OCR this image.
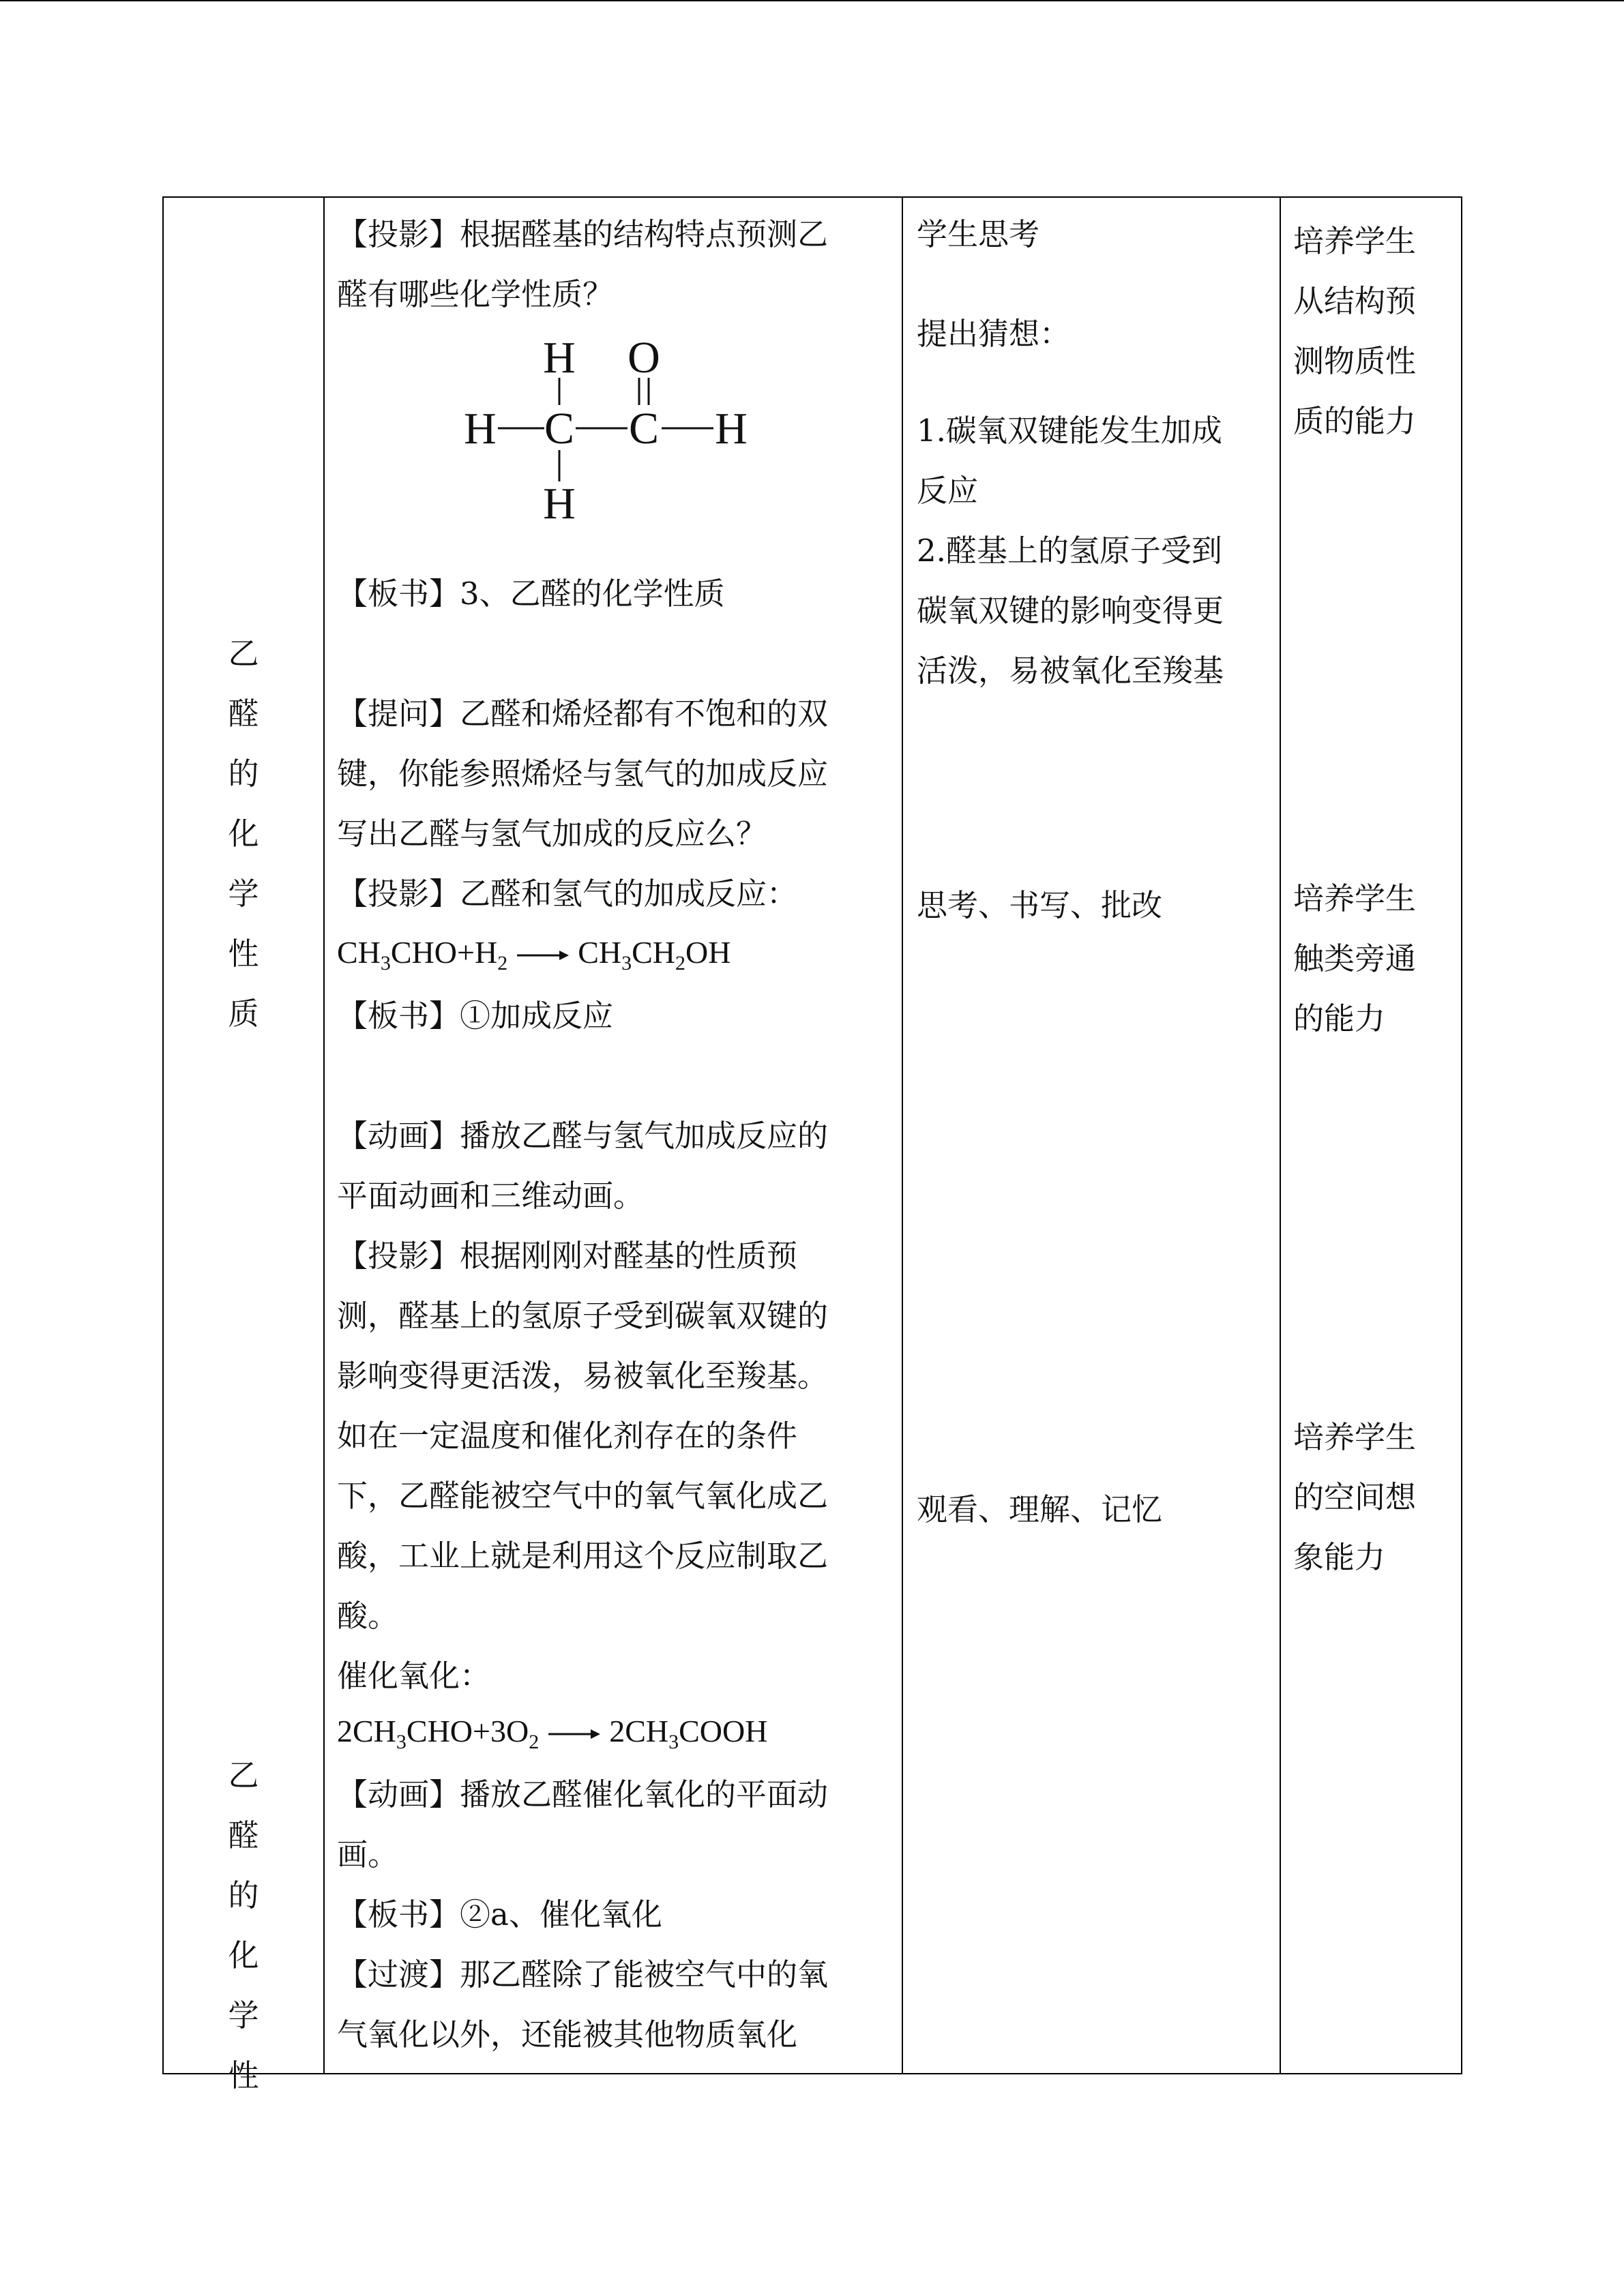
乙
醛
的
化
学
性
质
乙
醛
的
化
学
性
【投影】根据醛基的结构特点预测乙
醛有哪些化学性质？
H O
H C C H
H
【板书】3、乙醛的化学性质
【提问】乙醛和烯烃都有不饱和的双
键，你能参照烯烃与氢气的加成反应
写出乙醛与氢气加成的反应么？
【投影】乙醛和氢气的加成反应：
$CH_3CHO+H_2 \to CH_3CH_2OH$
【板书】①加成反应
【动画】播放乙醛与氢气加成反应的
平面动画和三维动画。
【投影】根据刚刚对醛基的性质预
测，醛基上的氢原子受到碳氧双键的
影响变得更活泼，易被氧化至羧基。
如在一定温度和催化剂存在的条件
下，乙醛能被空气中的氧气氧化成乙
酸，工业上就是利用这个反应制取乙
酸。
催化氧化：
$2CH_3CHO+3O_2$ → $2CH_3COOH$
【动画】播放乙醛催化氧化的平面动
画。
【板书】②a、催化氧化
【过渡】那乙醛除了能被空气中的氧
气氧化以外，还能被其他物质氧化
学生思考
提出猜想：
1.碳氧双键能发生加成
反应
2.醛基上的氢原子受到
碳氧双键的影响变得更
活泼，易被氧化至羧基
思考、书写、批改
观看、理解、记忆
培养学生
从结构预
测物质性
质的能力
培养学生
触类旁通
的能力
培养学生
的空间想
象能力
